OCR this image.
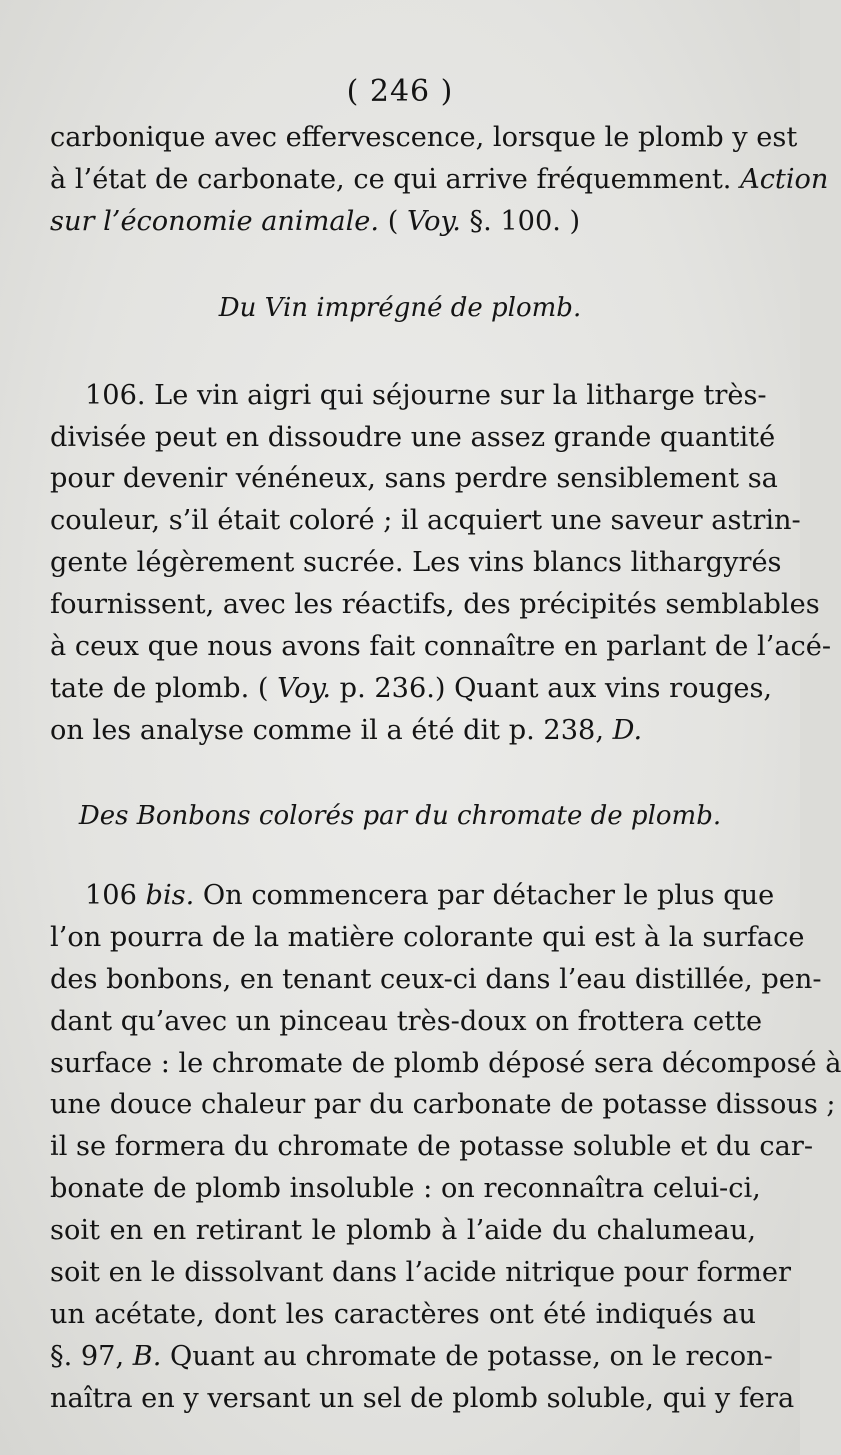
( 246 )
carbonique avec effervescence, lorsque le plomb y est
à l’état de carbonate, ce qui arrive fréquemment. Action
sur l’économie animale. ( Voy. §. 100. )
Du Vin imprégné de plomb.
106. Le vin aigri qui séjourne sur la litharge très-
divisée peut en dissoudre une assez grande quantité
pour devenir vénéneux, sans perdre sensiblement sa
couleur, s’il était coloré ; il acquiert une saveur astrin-
gente légèrement sucrée. Les vins blancs lithargyrés
fournissent, avec les réactifs, des précipités semblables
à ceux que nous avons fait connaître en parlant de l’acé-
tate de plomb. ( Voy. p. 236.) Quant aux vins rouges,
on les analyse comme il a été dit p. 238, D.
Des Bonbons colorés par du chromate de plomb.
106 bis. On commencera par détacher le plus que
l’on pourra de la matière colorante qui est à la surface
des bonbons, en tenant ceux-ci dans l’eau distillée, pen-
dant qu’avec un pinceau très-doux on frottera cette
surface : le chromate de plomb déposé sera décomposé à
une douce chaleur par du carbonate de potasse dissous ;
il se formera du chromate de potasse soluble et du car-
bonate de plomb insoluble : on reconnaîtra celui-ci,
soit en en retirant le plomb à l’aide du chalumeau,
soit en le dissolvant dans l’acide nitrique pour former
un acétate, dont les caractères ont été indiqués au
§. 97, B. Quant au chromate de potasse, on le recon-
naîtra en y versant un sel de plomb soluble, qui y fera
